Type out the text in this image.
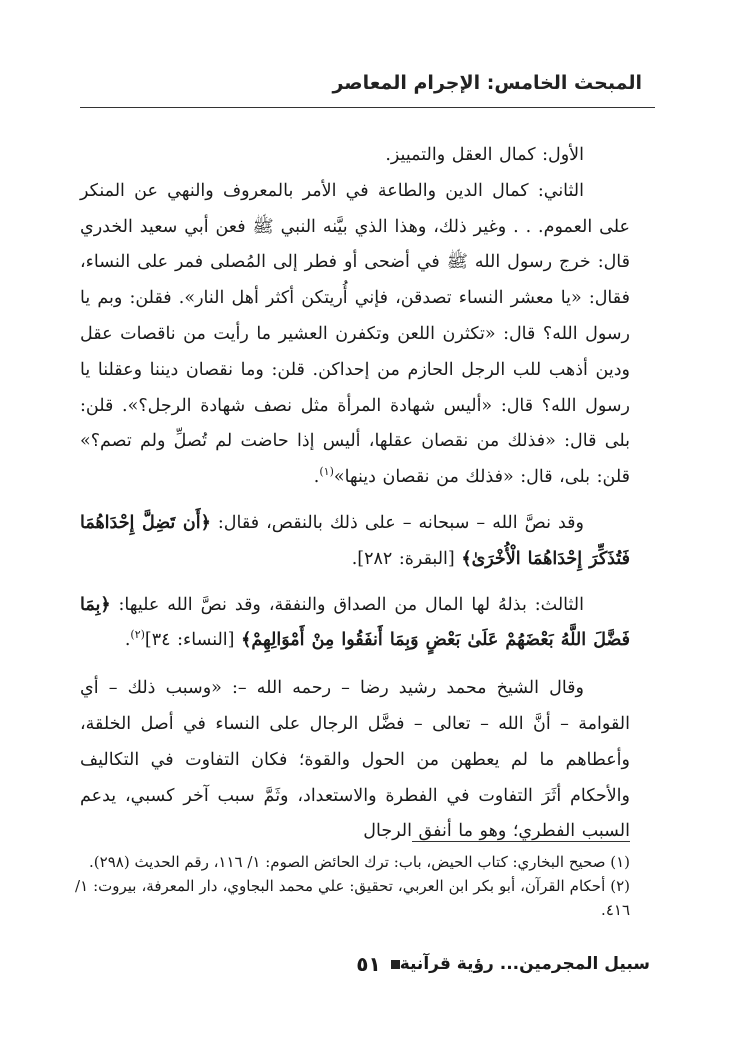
المبحث الخامس: الإجرام المعاصر

الأول: كمال العقل والتمييز.

الثاني: كمال الدين والطاعة في الأمر بالمعروف والنهي عن المنكر على العموم. . . وغير ذلك، وهذا الذي بيَّنه النبي ﷺ فعن أبي سعيد الخدري قال: خرج رسول الله ﷺ في أضحى أو فطر إلى المُصلى فمر على النساء، فقال: «يا معشر النساء تصدقن، فإني أُريتكن أكثر أهل النار». فقلن: وبم يا رسول الله؟ قال: «تكثرن اللعن وتكفرن العشير ما رأيت من ناقصات عقل ودين أذهب للب الرجل الحازم من إحداكن. قلن: وما نقصان ديننا وعقلنا يا رسول الله؟ قال: «أليس شهادة المرأة مثل نصف شهادة الرجل؟». قلن: بلى قال: «فذلك من نقصان عقلها، أليس إذا حاضت لم تُصلِّ ولم تصم؟» قلن: بلى، قال: «فذلك من نقصان دينها»$^{(١)}$.

وقد نصَّ الله – سبحانه – على ذلك بالنقص، فقال: ﴿أَن تَضِلَّ إِحْدَاهُمَا فَتُذَكِّرَ إِحْدَاهُمَا الْأُخْرَىٰ﴾ [البقرة: ٢٨٢].

الثالث: بذلهُ لها المال من الصداق والنفقة، وقد نصَّ الله عليها: ﴿بِمَا فَضَّلَ اللَّهُ بَعْضَهُمْ عَلَىٰ بَعْضٍ وَبِمَا أَنفَقُوا مِنْ أَمْوَالِهِمْ﴾ [النساء: ٣٤]$^{(٢)}$.

وقال الشيخ محمد رشيد رضا – رحمه الله –: «وسبب ذلك – أي القوامة – أنَّ الله – تعالى – فضَّل الرجال على النساء في أصل الخلقة، وأعطاهم ما لم يعطهن من الحول والقوة؛ فكان التفاوت في التكاليف والأحكام أثَرَ التفاوت في الفطرة والاستعداد، وثَمَّ سبب آخر كسبي، يدعم السبب الفطري؛ وهو ما أنفق الرجال

(١) صحيح البخاري: كتاب الحيض، باب: ترك الحائض الصوم: ١/ ١١٦، رقم الحديث (٢٩٨).

(٢) أحكام القرآن، أبو بكر ابن العربي، تحقيق: علي محمد البجاوي، دار المعرفة، بيروت: ١/ ٤١٦.

سبيل المجرمين... رؤية قرآنية
٥١
